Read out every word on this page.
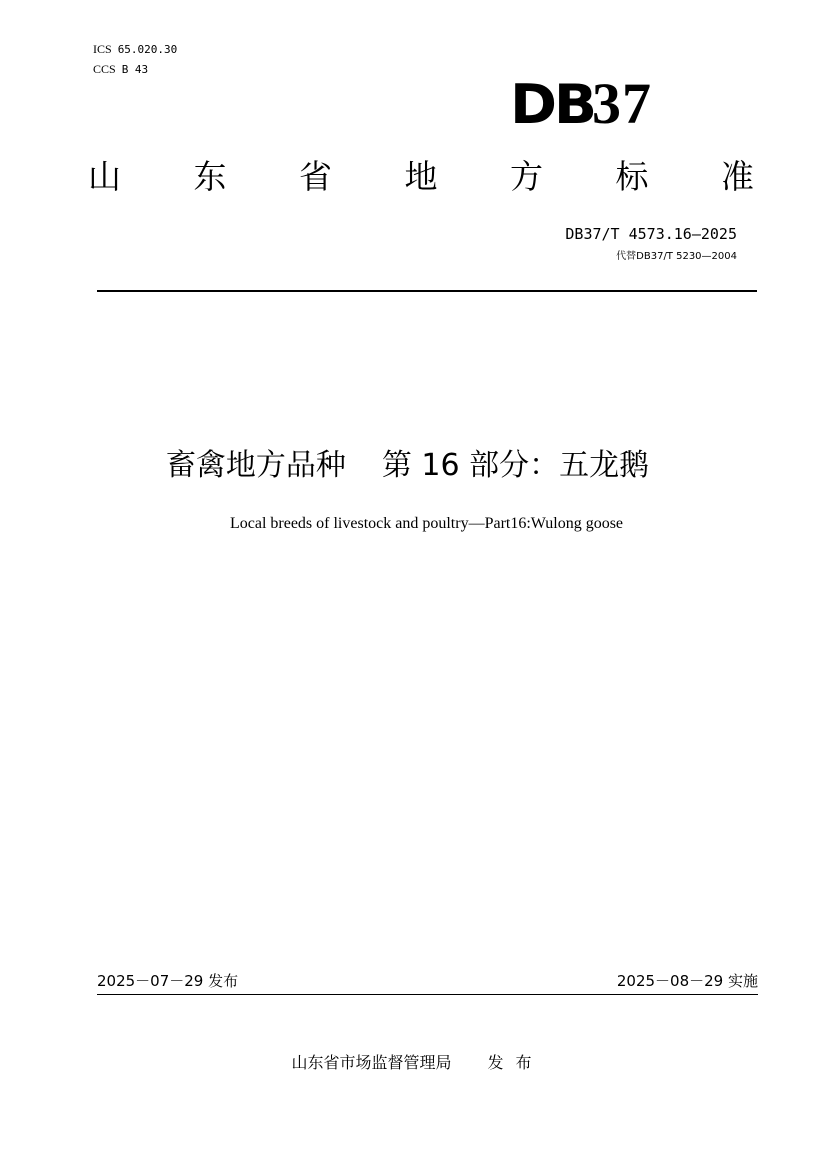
ICS 65.020.30
CCS B 43
DB37
山 东 省 地 方 标 准
DB37/T 4573.16—2025
代替DB37/T 5230—2004
畜禽地方品种 第 16 部分：五龙鹅
Local breeds of livestock and poultry—Part16:Wulong goose
2025－07－29 发布	2025－08－29 实施
山东省市场监督管理局 发布
